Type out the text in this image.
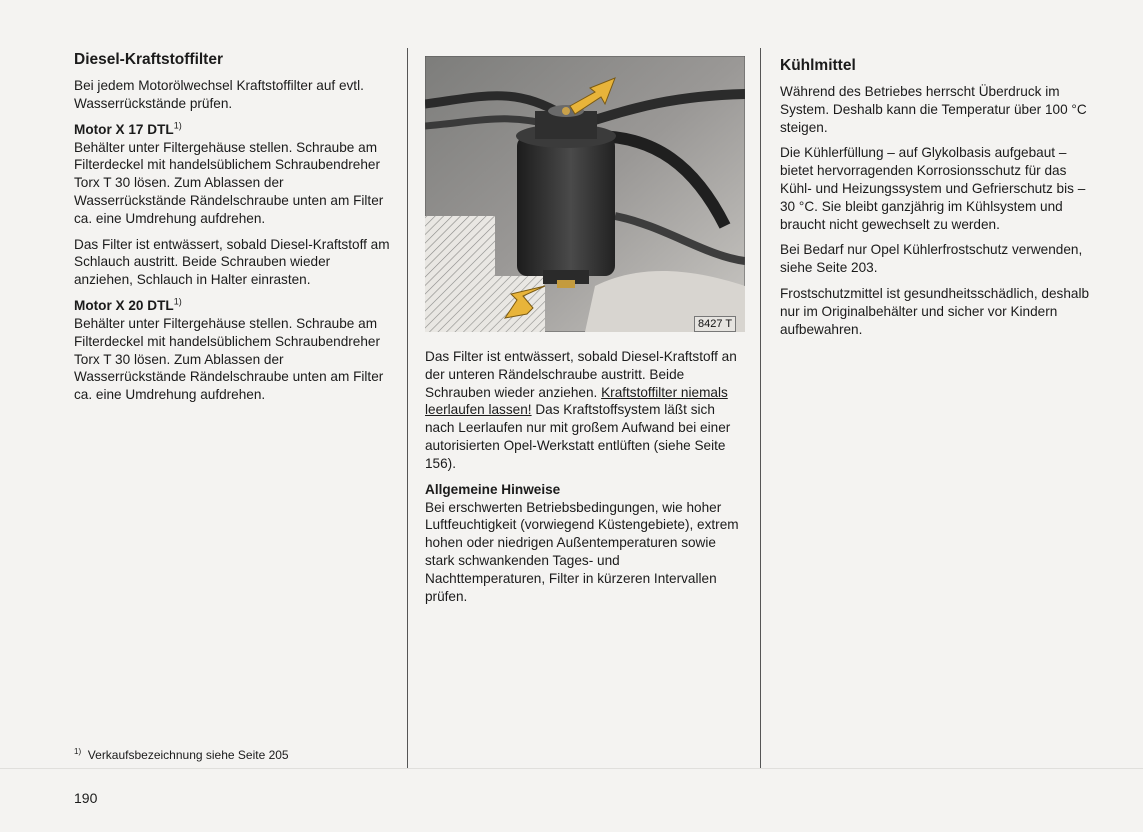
Diesel-Kraftstoffilter

Bei jedem Motorölwechsel Kraftstoffilter auf evtl. Wasserrückstände prüfen.

Motor X 17 DTL$^{1)}$

Behälter unter Filtergehäuse stellen. Schraube am Filterdeckel mit handelsüblichem Schraubendreher Torx T 30 lösen. Zum Ablassen der Wasserrückstände Rändelschraube unten am Filter ca. eine Umdrehung aufdrehen.

Das Filter ist entwässert, sobald Diesel-Kraftstoff am Schlauch austritt. Beide Schrauben wieder anziehen, Schlauch in Halter einrasten.

Motor X 20 DTL$^{1)}$

Behälter unter Filtergehäuse stellen. Schraube am Filterdeckel mit handelsüblichem Schraubendreher Torx T 30 lösen. Zum Ablassen der Wasserrückstände Rändelschraube unten am Filter ca. eine Umdrehung aufdrehen.

8427 T

Das Filter ist entwässert, sobald Diesel-Kraftstoff an der unteren Rändelschraube austritt. Beide Schrauben wieder anziehen. Kraftstoffilter niemals leerlaufen lassen! Das Kraftstoffsystem läßt sich nach Leerlaufen nur mit großem Aufwand bei einer autorisierten Opel-Werkstatt entlüften (siehe Seite 156).

Allgemeine Hinweise

Bei erschwerten Betriebsbedingungen, wie hoher Luftfeuchtigkeit (vorwiegend Küstengebiete), extrem hohen oder niedrigen Außentemperaturen sowie stark schwankenden Tages- und Nachttemperaturen, Filter in kürzeren Intervallen prüfen.

Kühlmittel

Während des Betriebes herrscht Überdruck im System. Deshalb kann die Temperatur über 100 °C steigen.

Die Kühlerfüllung – auf Glykolbasis aufgebaut – bietet hervorragenden Korrosionsschutz für das Kühl- und Heizungssystem und Gefrierschutz bis –30 °C. Sie bleibt ganzjährig im Kühlsystem und braucht nicht gewechselt zu werden.

Bei Bedarf nur Opel Kühlerfrostschutz verwenden, siehe Seite 203.

Frostschutzmittel ist gesundheitsschädlich, deshalb nur im Originalbehälter und sicher vor Kindern aufbewahren.

$^{1)}$ Verkaufsbezeichnung siehe Seite 205
190
